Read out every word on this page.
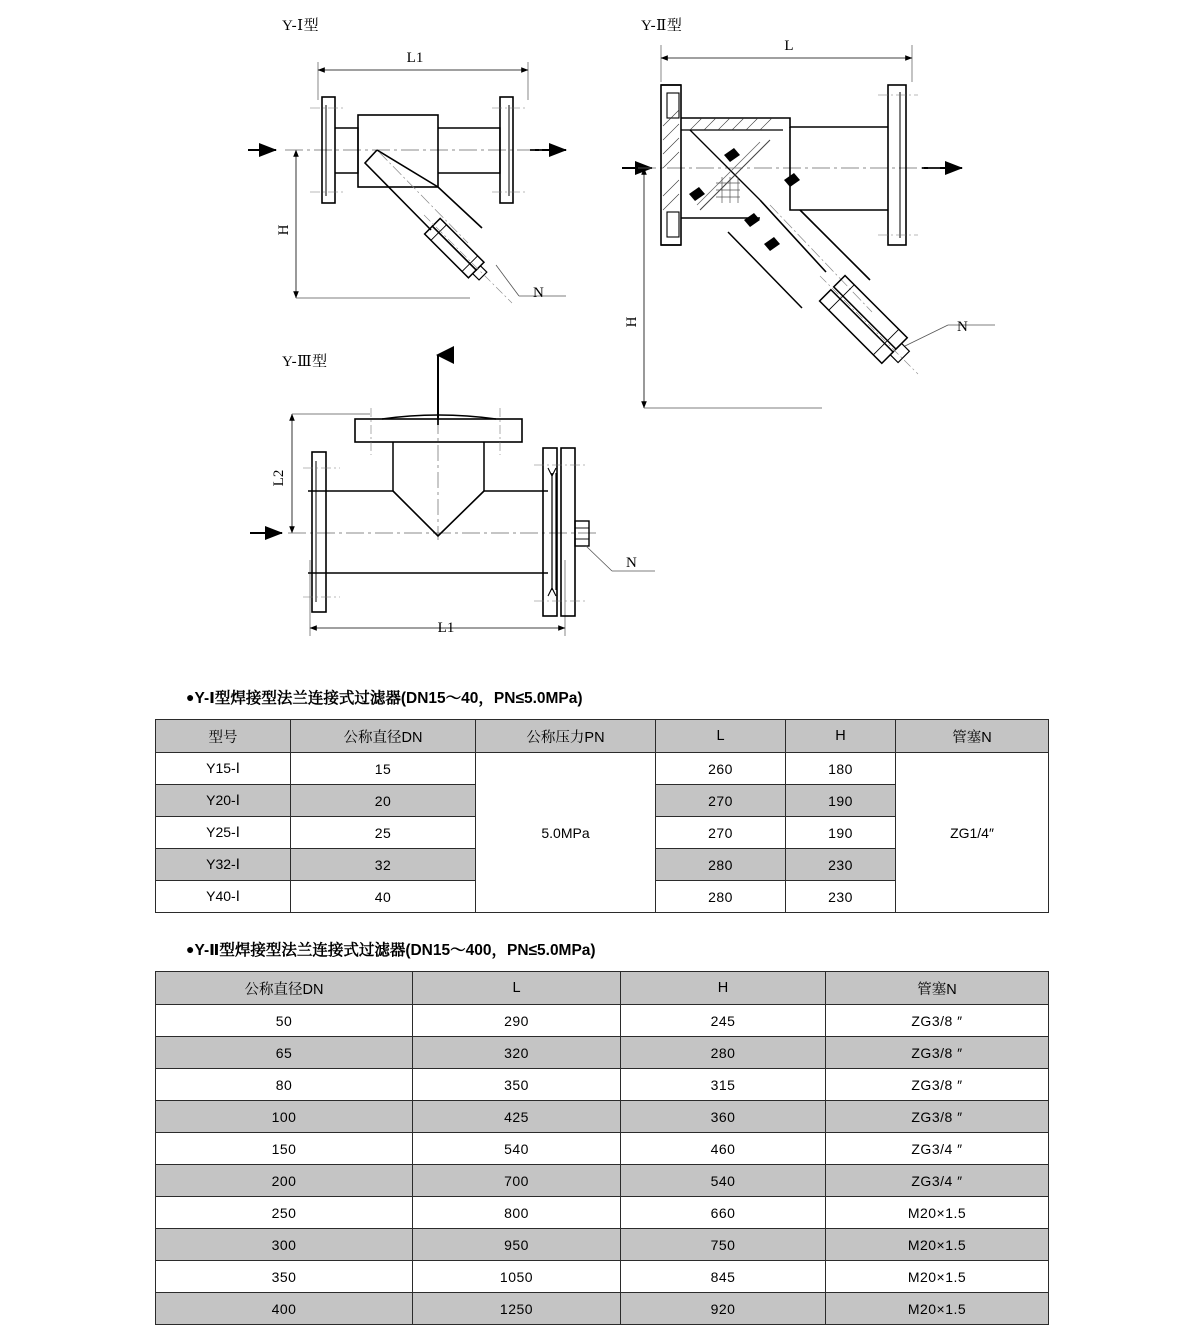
Y-Ⅰ型	Y-Ⅱ型
Y-Ⅲ型
L1
L
L1
N
N
N
H
H
L2
●Y-Ⅰ型焊接型法兰连接式过滤器(DN15～40，PN≤5.0MPa)
型号	公称直径DN	公称压力PN	L	H	管塞N
Y15-Ⅰ	15	5.0MPa	260	180	ZG1/4″
Y20-Ⅰ	20		270	190	
Y25-Ⅰ	25		270	190	
Y32-Ⅰ	32		280	230	
Y40-Ⅰ	40		280	230	
●Y-Ⅱ型焊接型法兰连接式过滤器(DN15～400，PN≤5.0MPa)
公称直径DN	L	H	管塞N
50	290	245	ZG3/8 ″
65	320	280	ZG3/8 ″
80	350	315	ZG3/8 ″
100	425	360	ZG3/8 ″
150	540	460	ZG3/4 ″
200	700	540	ZG3/4 ″
250	800	660	M20×1.5
300	950	750	M20×1.5
350	1050	845	M20×1.5
400	1250	920	M20×1.5
